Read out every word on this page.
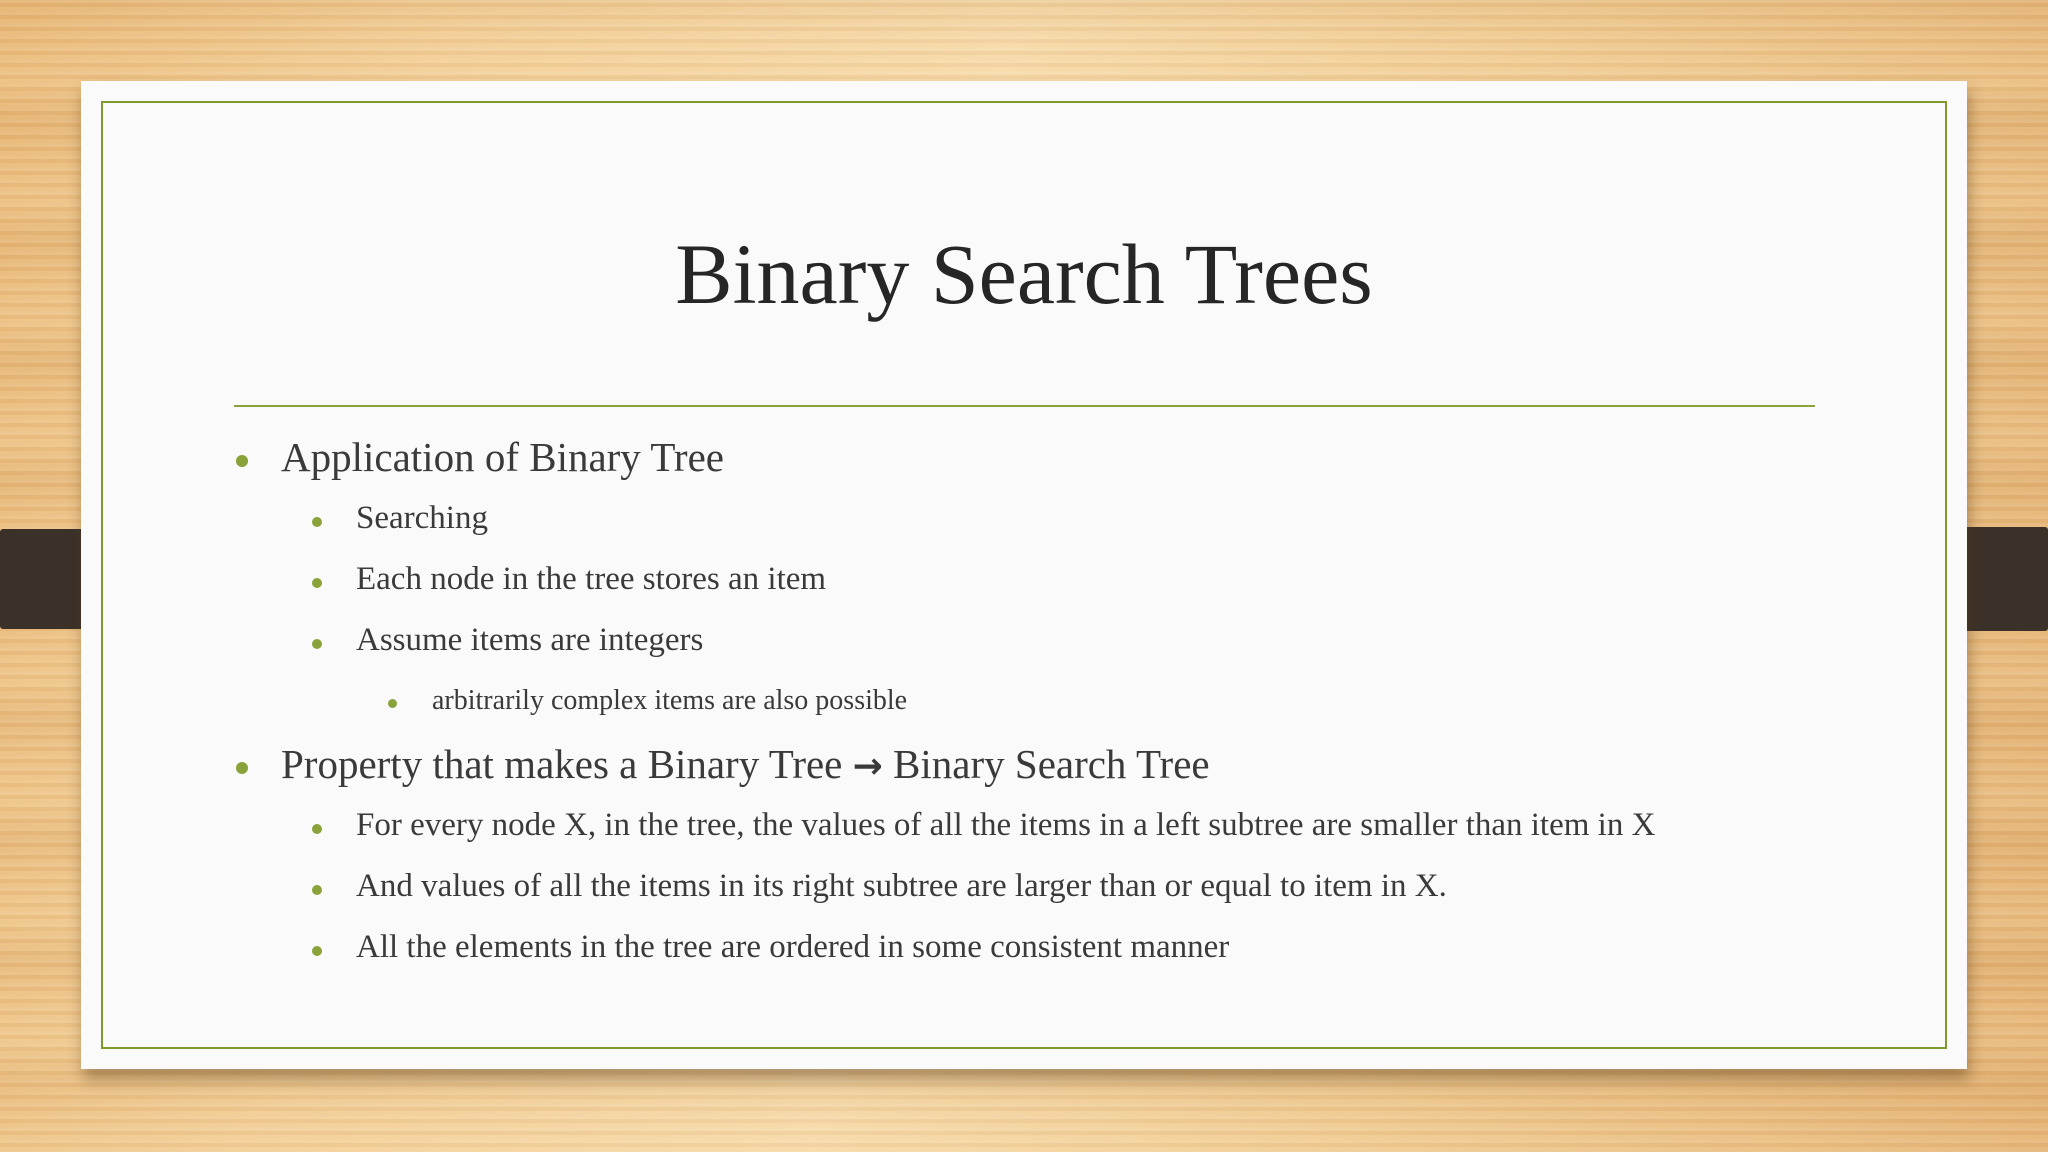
Binary Search Trees
Application of Binary Tree
Searching
Each node in the tree stores an item
Assume items are integers
arbitrarily complex items are also possible
Property that makes a Binary Tree → Binary Search Tree
For every node X, in the tree, the values of all the items in a left subtree are smaller than item in X
And values of all the items in its right subtree are larger than or equal to item in X.
All the elements in the tree are ordered in some consistent manner
